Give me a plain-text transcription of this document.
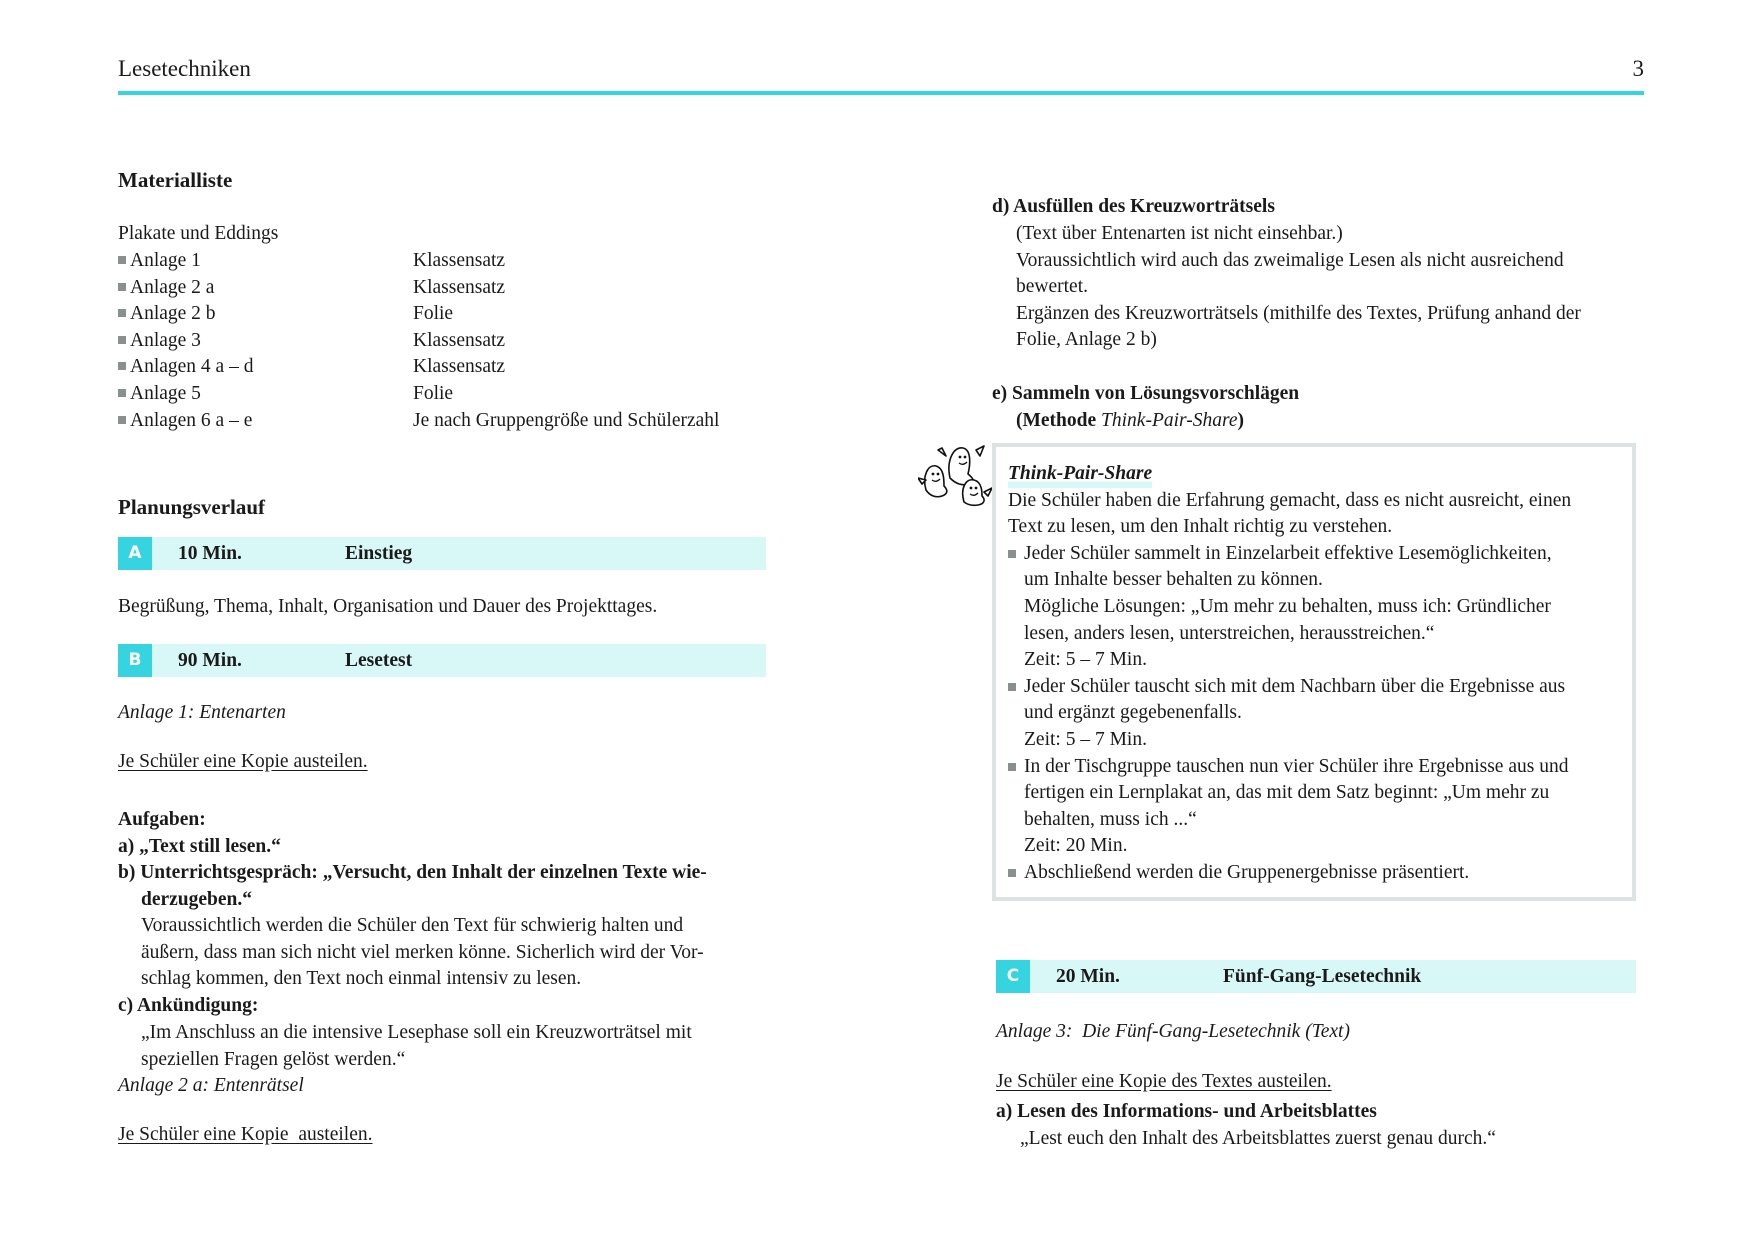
Lesetechniken	3
Materialliste
Plakate und Eddings
Anlage 1	Klassensatz
Anlage 2 a	Klassensatz
Anlage 2 b	Folie
Anlage 3	Klassensatz
Anlagen 4 a – d	Klassensatz
Anlage 5	Folie
Anlagen 6 a – e	Je nach Gruppengröße und Schülerzahl
Planungsverlauf
A	10 Min.	Einstieg
Begrüßung, Thema, Inhalt, Organisation und Dauer des Projekttages.
B	90 Min.	Lesetest
Anlage 1: Entenarten
Je Schüler eine Kopie austeilen.
Aufgaben:
a) „Text still lesen.“
b) Unterrichtsgespräch: „Versucht, den Inhalt der einzelnen Texte wie-
derzugeben.“
Voraussichtlich werden die Schüler den Text für schwierig halten und
äußern, dass man sich nicht viel merken könne. Sicherlich wird der Vor-
schlag kommen, den Text noch einmal intensiv zu lesen.
c) Ankündigung:
„Im Anschluss an die intensive Lesephase soll ein Kreuzworträtsel mit
speziellen Fragen gelöst werden.“
Anlage 2 a: Entenrätsel
Je Schüler eine Kopie  austeilen.
d) Ausfüllen des Kreuzworträtsels
(Text über Entenarten ist nicht einsehbar.)
Voraussichtlich wird auch das zweimalige Lesen als nicht ausreichend
bewertet.
Ergänzen des Kreuzworträtsels (mithilfe des Textes, Prüfung anhand der
Folie, Anlage 2 b)
e) Sammeln von Lösungsvorschlägen
(Methode Think-Pair-Share)
Think-Pair-Share
Die Schüler haben die Erfahrung gemacht, dass es nicht ausreicht, einen
Text zu lesen, um den Inhalt richtig zu verstehen.
Jeder Schüler sammelt in Einzelarbeit effektive Lesemöglichkeiten,
um Inhalte besser behalten zu können.
Mögliche Lösungen: „Um mehr zu behalten, muss ich: Gründlicher
lesen, anders lesen, unterstreichen, herausstreichen.“
Zeit: 5 – 7 Min.
Jeder Schüler tauscht sich mit dem Nachbarn über die Ergebnisse aus
und ergänzt gegebenenfalls.
Zeit: 5 – 7 Min.
In der Tischgruppe tauschen nun vier Schüler ihre Ergebnisse aus und
fertigen ein Lernplakat an, das mit dem Satz beginnt: „Um mehr zu
behalten, muss ich ...“
Zeit: 20 Min.
Abschließend werden die Gruppenergebnisse präsentiert.
C	20 Min.	Fünf-Gang-Lesetechnik
Anlage 3:  Die Fünf-Gang-Lesetechnik (Text)
Je Schüler eine Kopie des Textes austeilen.
a) Lesen des Informations- und Arbeitsblattes
„Lest euch den Inhalt des Arbeitsblattes zuerst genau durch.“
